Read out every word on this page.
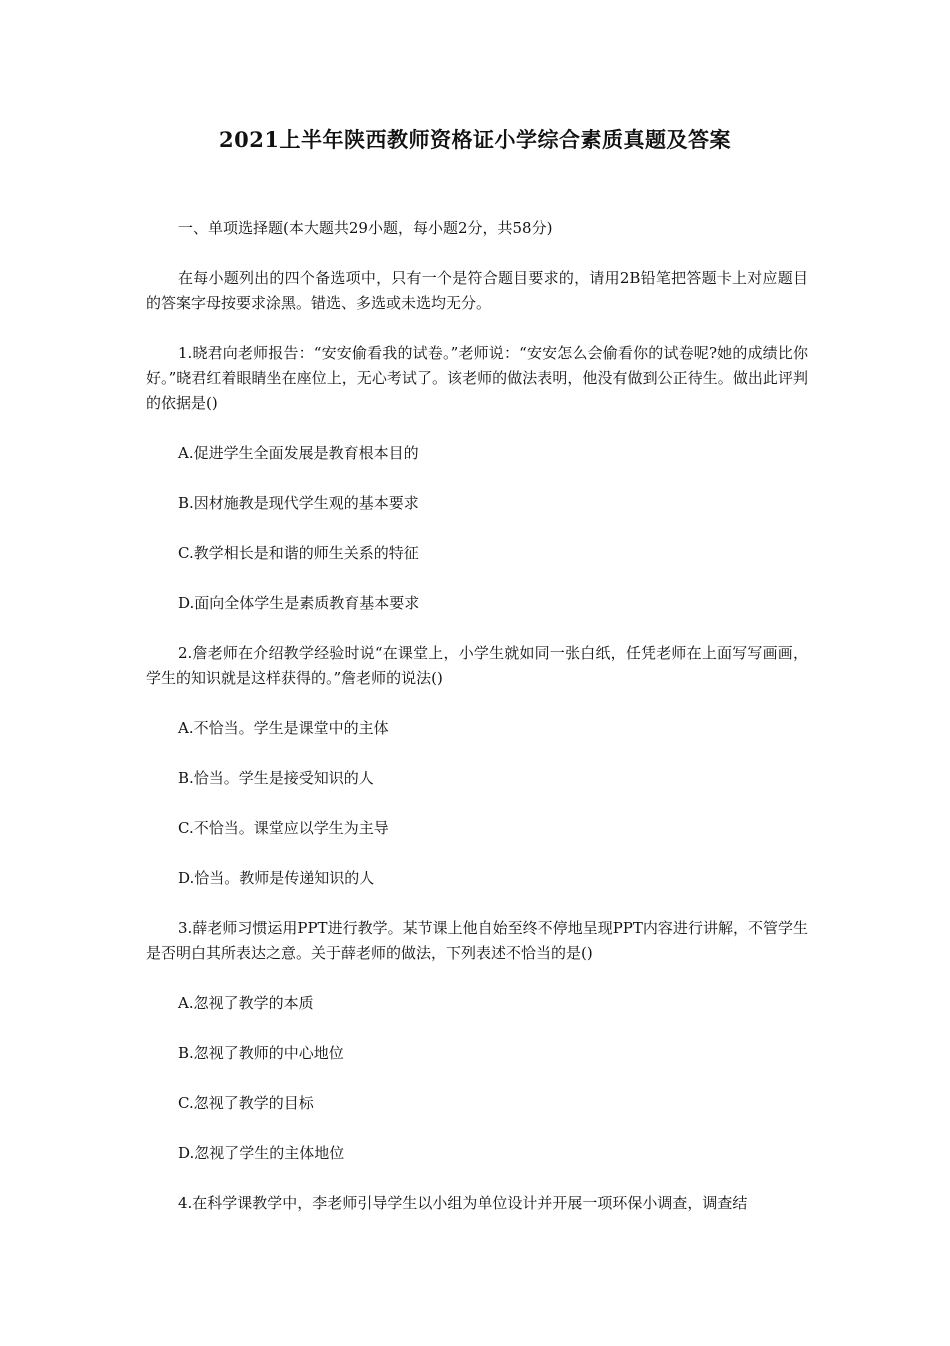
2021上半年陕西教师资格证小学综合素质真题及答案

一、单项选择题(本大题共29小题，每小题2分，共58分)

在每小题列出的四个备选项中，只有一个是符合题目要求的，请用2B铅笔把答题卡上对应题目的答案字母按要求涂黑。错选、多选或未选均无分。

1.晓君向老师报告：“安安偷看我的试卷。”老师说：“安安怎么会偷看你的试卷呢?她的成绩比你好。”晓君红着眼睛坐在座位上，无心考试了。该老师的做法表明，他没有做到公正待生。做出此评判的依据是()

A.促进学生全面发展是教育根本目的

B.因材施教是现代学生观的基本要求

C.教学相长是和谐的师生关系的特征

D.面向全体学生是素质教育基本要求

2.詹老师在介绍教学经验时说“在课堂上，小学生就如同一张白纸，任凭老师在上面写写画画，学生的知识就是这样获得的。”詹老师的说法()

A.不恰当。学生是课堂中的主体

B.恰当。学生是接受知识的人

C.不恰当。课堂应以学生为主导

D.恰当。教师是传递知识的人

3.薛老师习惯运用PPT进行教学。某节课上他自始至终不停地呈现PPT内容进行讲解，不管学生是否明白其所表达之意。关于薛老师的做法，下列表述不恰当的是()

A.忽视了教学的本质

B.忽视了教师的中心地位

C.忽视了教学的目标

D.忽视了学生的主体地位

4.在科学课教学中，李老师引导学生以小组为单位设计并开展一项环保小调查，调查结
